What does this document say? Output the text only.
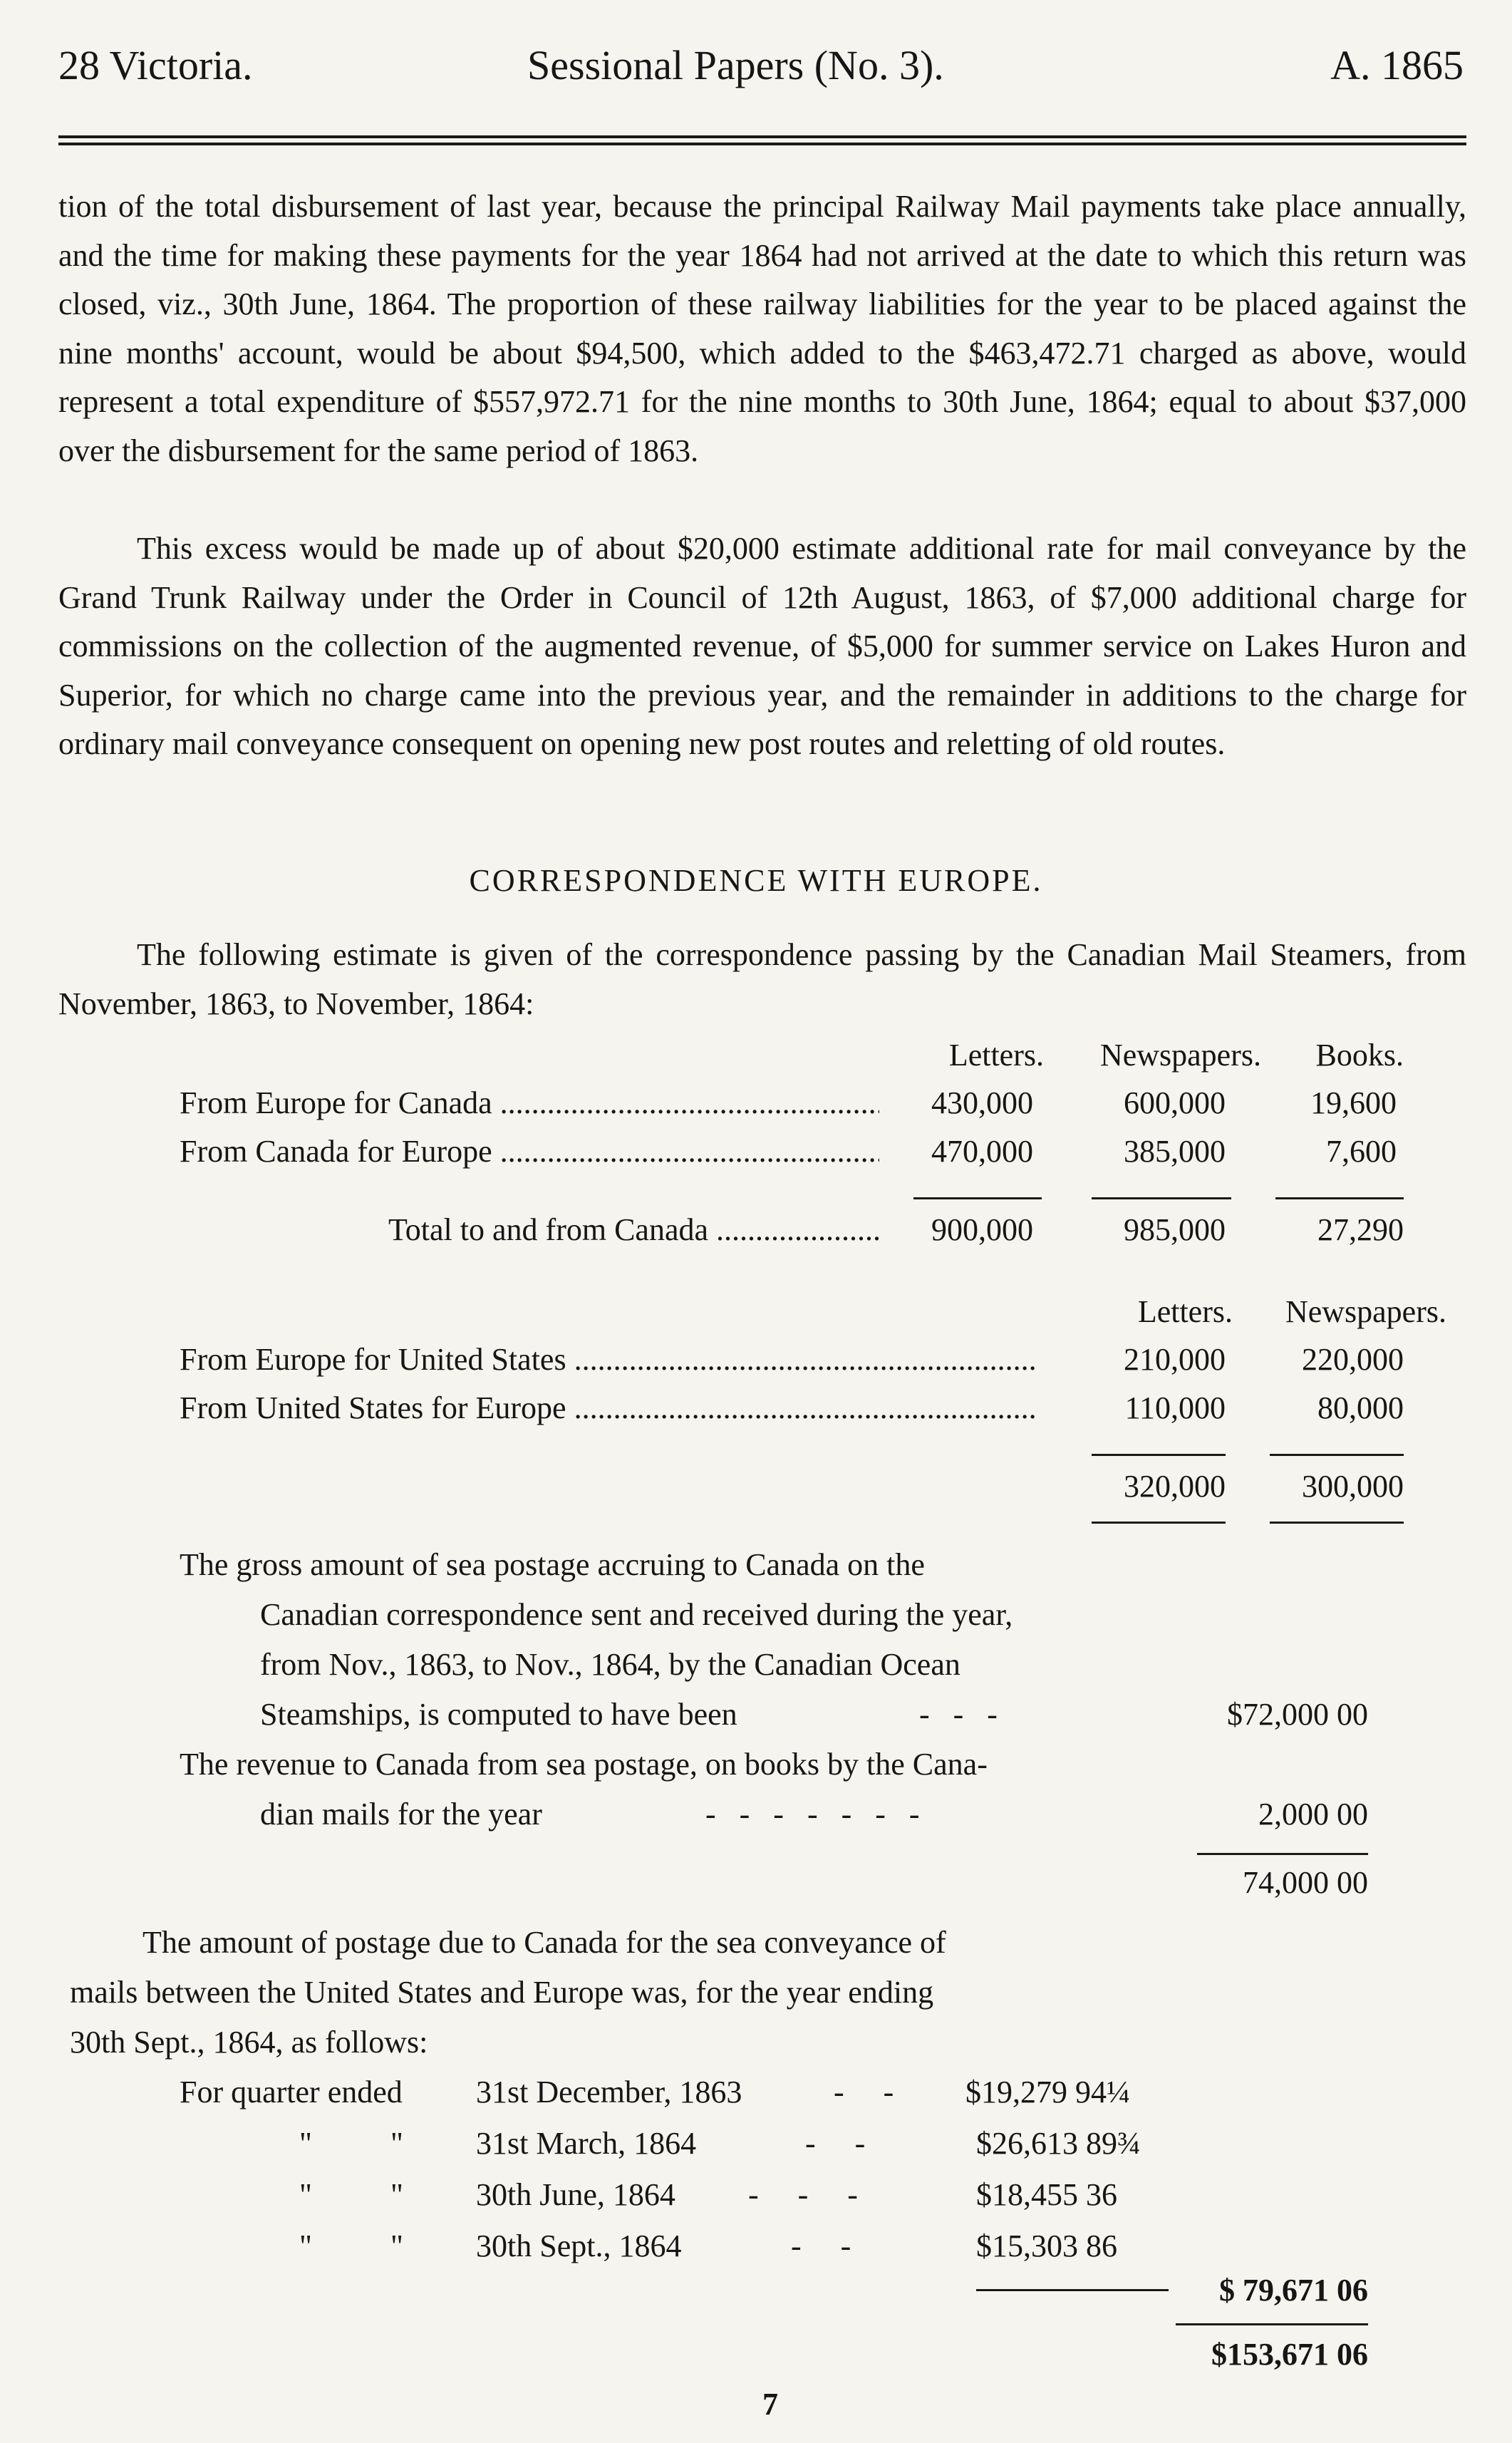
28 Victoria.	Sessional Papers (No. 3).	A. 1865
tion of the total disbursement of last year, because the principal Railway Mail payments take place annually, and the time for making these payments for the year 1864 had not arrived at the date to which this return was closed, viz., 30th June, 1864. The proportion of these railway liabilities for the year to be placed against the nine months' account, would be about $94,500, which added to the $463,472.71 charged as above, would represent a total expenditure of $557,972.71 for the nine months to 30th June, 1864; equal to about $37,000 over the disbursement for the same period of 1863.
This excess would be made up of about $20,000 estimate additional rate for mail conveyance by the Grand Trunk Railway under the Order in Council of 12th August, 1863, of $7,000 additional charge for commissions on the collection of the augmented revenue, of $5,000 for summer service on Lakes Huron and Superior, for which no charge came into the previous year, and the remainder in additions to the charge for ordinary mail conveyance consequent on opening new post routes and reletting of old routes.
CORRESPONDENCE WITH EUROPE.
The following estimate is given of the correspondence passing by the Canadian Mail Steamers, from November, 1863, to November, 1864:
Letters.	Newspapers.	Books.
From Europe for Canada .....	430,000	600,000	19,600
From Canada for Europe .....	470,000	385,000	7,600
Total to and from Canada .....	900,000	985,000	27,290
Letters.	Newspapers.
From Europe for United States .....	210,000	220,000
From United States for Europe .....	110,000	80,000
320,000	300,000
The gross amount of sea postage accruing to Canada on the
Canadian correspondence sent and received during the year,
from Nov., 1863, to Nov., 1864, by the Canadian Ocean
Steamships, is computed to have been	-   -   -	$72,000 00
The revenue to Canada from sea postage, on books by the Cana-
dian mails for the year	-   -   -   -   -   -   -	2,000 00
74,000 00
The amount of postage due to Canada for the sea conveyance of
mails between the United States and Europe was, for the year ending
30th Sept., 1864, as follows:
For quarter ended 31st December, 1863	-     - $19,279 94¼
"          " 31st March, 1864	-     -	$26,613 89¾
"          " 30th June, 1864 -     -     -	$18,455 36
"          " 30th Sept., 1864	-     -	$15,303 86
$ 79,671 06
$153,671 06
7
